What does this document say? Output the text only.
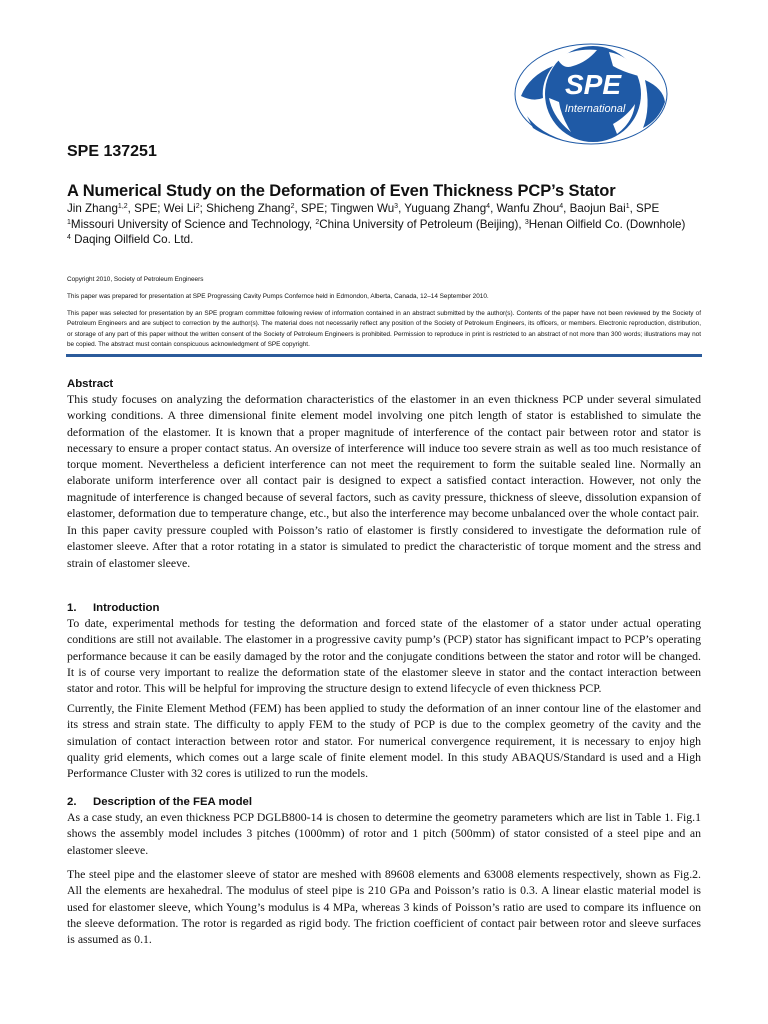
SPE
International
SPE 137251
A Numerical Study on the Deformation of Even Thickness PCP’s Stator
Jin Zhang$^{1,2}$, SPE; Wei Li$^2$; Shicheng Zhang$^2$, SPE; Tingwen Wu$^3$, Yuguang Zhang$^4$, Wanfu Zhou$^4$, Baojun Bai$^1$, SPE
$^1$Missouri University of Science and Technology, $^2$China University of Petroleum (Beijing), $^3$Henan Oilfield Co. (Downhole)
$^4$ Daqing Oilfield Co. Ltd.

Copyright 2010, Society of Petroleum Engineers

This paper was prepared for presentation at SPE Progressing Cavity Pumps Confernce held in Edmondon, Alberta, Canada, 12–14 September 2010.

This paper was selected for presentation by an SPE program committee following review of information contained in an abstract submitted by the author(s). Contents of the paper have not been reviewed by the Society of Petroleum Engineers and are subject to correction by the author(s). The material does not necessarily reflect any position of the Society of Petroleum Engineers, its officers, or members. Electronic reproduction, distribution, or storage of any part of this paper without the written consent of the Society of Petroleum Engineers is prohibited. Permission to reproduce in print is restricted to an abstract of not more than 300 words; illustrations may not be copied. The abstract must contain conspicuous acknowledgment of SPE copyright.

Abstract

This study focuses on analyzing the deformation characteristics of the elastomer in an even thickness PCP under several simulated working conditions. A three dimensional finite element model involving one pitch length of stator is established to simulate the deformation of the elastomer. It is known that a proper magnitude of interference of the contact pair between rotor and stator is necessary to ensure a proper contact status. An oversize of interference will induce too severe strain as well as too much resistance of torque moment. Nevertheless a deficient interference can not meet the requirement to form the suitable sealed line. Normally an elaborate uniform interference over all contact pair is designed to expect a satisfied contact interaction. However, not only the magnitude of interference is changed because of several factors, such as cavity pressure, thickness of sleeve, dissolution expansion of elastomer, deformation due to temperature change, etc., but also the interference may become unbalanced over the whole contact pair.

In this paper cavity pressure coupled with Poisson’s ratio of elastomer is firstly considered to investigate the deformation rule of elastomer sleeve. After that a rotor rotating in a stator is simulated to predict the characteristic of torque moment and the stress and strain of elastomer sleeve.

1. Introduction

To date, experimental methods for testing the deformation and forced state of the elastomer of a stator under actual operating conditions are still not available. The elastomer in a progressive cavity pump’s (PCP) stator has significant impact to PCP’s operating performance because it can be easily damaged by the rotor and the conjugate conditions between the stator and rotor will be changed. It is of course very important to realize the deformation state of the elastomer sleeve in stator and the contact interaction between stator and rotor. This will be helpful for improving the structure design to extend lifecycle of even thickness PCP.

Currently, the Finite Element Method (FEM) has been applied to study the deformation of an inner contour line of the elastomer and its stress and strain state. The difficulty to apply FEM to the study of PCP is due to the complex geometry of the cavity and the simulation of contact interaction between rotor and stator. For numerical convergence requirement, it is necessary to enjoy high quality grid elements, which comes out a large scale of finite element model. In this study ABAQUS/Standard is used and a High Performance Cluster with 32 cores is utilized to run the models.

2. Description of the FEA model

As a case study, an even thickness PCP DGLB800-14 is chosen to determine the geometry parameters which are list in Table 1. Fig.1 shows the assembly model includes 3 pitches (1000mm) of rotor and 1 pitch (500mm) of stator consisted of a steel pipe and an elastomer sleeve.

The steel pipe and the elastomer sleeve of stator are meshed with 89608 elements and 63008 elements respectively, shown as Fig.2. All the elements are hexahedral. The modulus of steel pipe is 210 GPa and Poisson’s ratio is 0.3. A linear elastic material model is used for elastomer sleeve, which Young’s modulus is 4 MPa, whereas 3 kinds of Poisson’s ratio are used to compare its influence on the sleeve deformation. The rotor is regarded as rigid body. The friction coefficient of contact pair between rotor and sleeve surfaces is assumed as 0.1.
